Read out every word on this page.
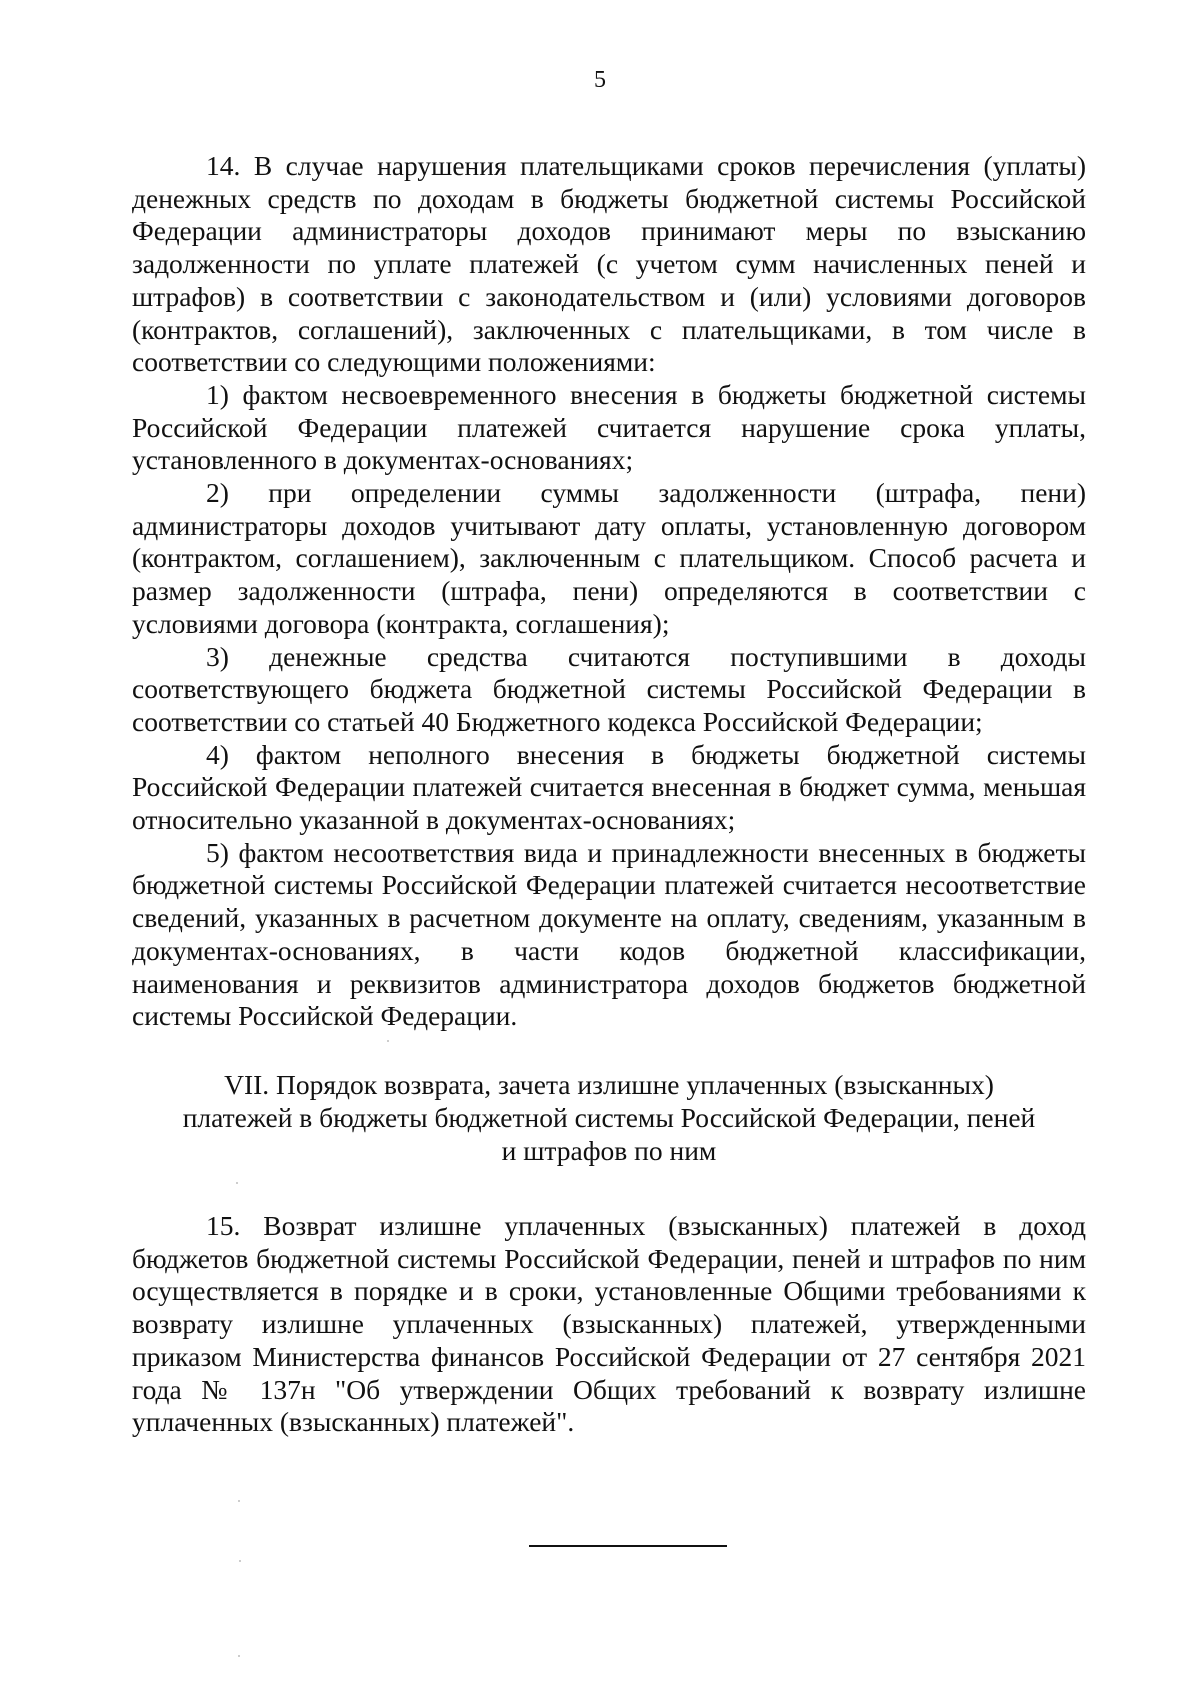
5

14. В случае нарушения плательщиками сроков перечисления (уплаты) денежных средств по доходам в бюджеты бюджетной системы Российской Федерации администраторы доходов принимают меры по взысканию задолженности по уплате платежей (с учетом сумм начисленных пеней и штрафов) в соответствии с законодательством и (или) условиями договоров (контрактов, соглашений), заключенных с плательщиками, в том числе в соответствии со следующими положениями:

1) фактом несвоевременного внесения в бюджеты бюджетной системы Российской Федерации платежей считается нарушение срока уплаты, установленного в документах-основаниях;

2) при определении суммы задолженности (штрафа, пени) администраторы доходов учитывают дату оплаты, установленную договором (контрактом, соглашением), заключенным с плательщиком. Способ расчета и размер задолженности (штрафа, пени) определяются в соответствии с условиями договора (контракта, соглашения);

3) денежные средства считаются поступившими в доходы соответствующего бюджета бюджетной системы Российской Федерации в соответствии со статьей 40 Бюджетного кодекса Российской Федерации;

4) фактом неполного внесения в бюджеты бюджетной системы Российской Федерации платежей считается внесенная в бюджет сумма, меньшая относительно указанной в документах-основаниях;

5) фактом несоответствия вида и принадлежности внесенных в бюджеты бюджетной системы Российской Федерации платежей считается несоответствие сведений, указанных в расчетном документе на оплату, сведениям, указанным в документах-основаниях, в части кодов бюджетной классификации, наименования и реквизитов администратора доходов бюджетов бюджетной системы Российской Федерации.

VII. Порядок возврата, зачета излишне уплаченных (взысканных)
платежей в бюджеты бюджетной системы Российской Федерации, пеней
и штрафов по ним

15. Возврат излишне уплаченных (взысканных) платежей в доход бюджетов бюджетной системы Российской Федерации, пеней и штрафов по ним осуществляется в порядке и в сроки, установленные Общими требованиями к возврату излишне уплаченных (взысканных) платежей, утвержденными приказом Министерства финансов Российской Федерации от 27 сентября 2021 года № 137н "Об утверждении Общих требований к возврату излишне уплаченных (взысканных) платежей".
